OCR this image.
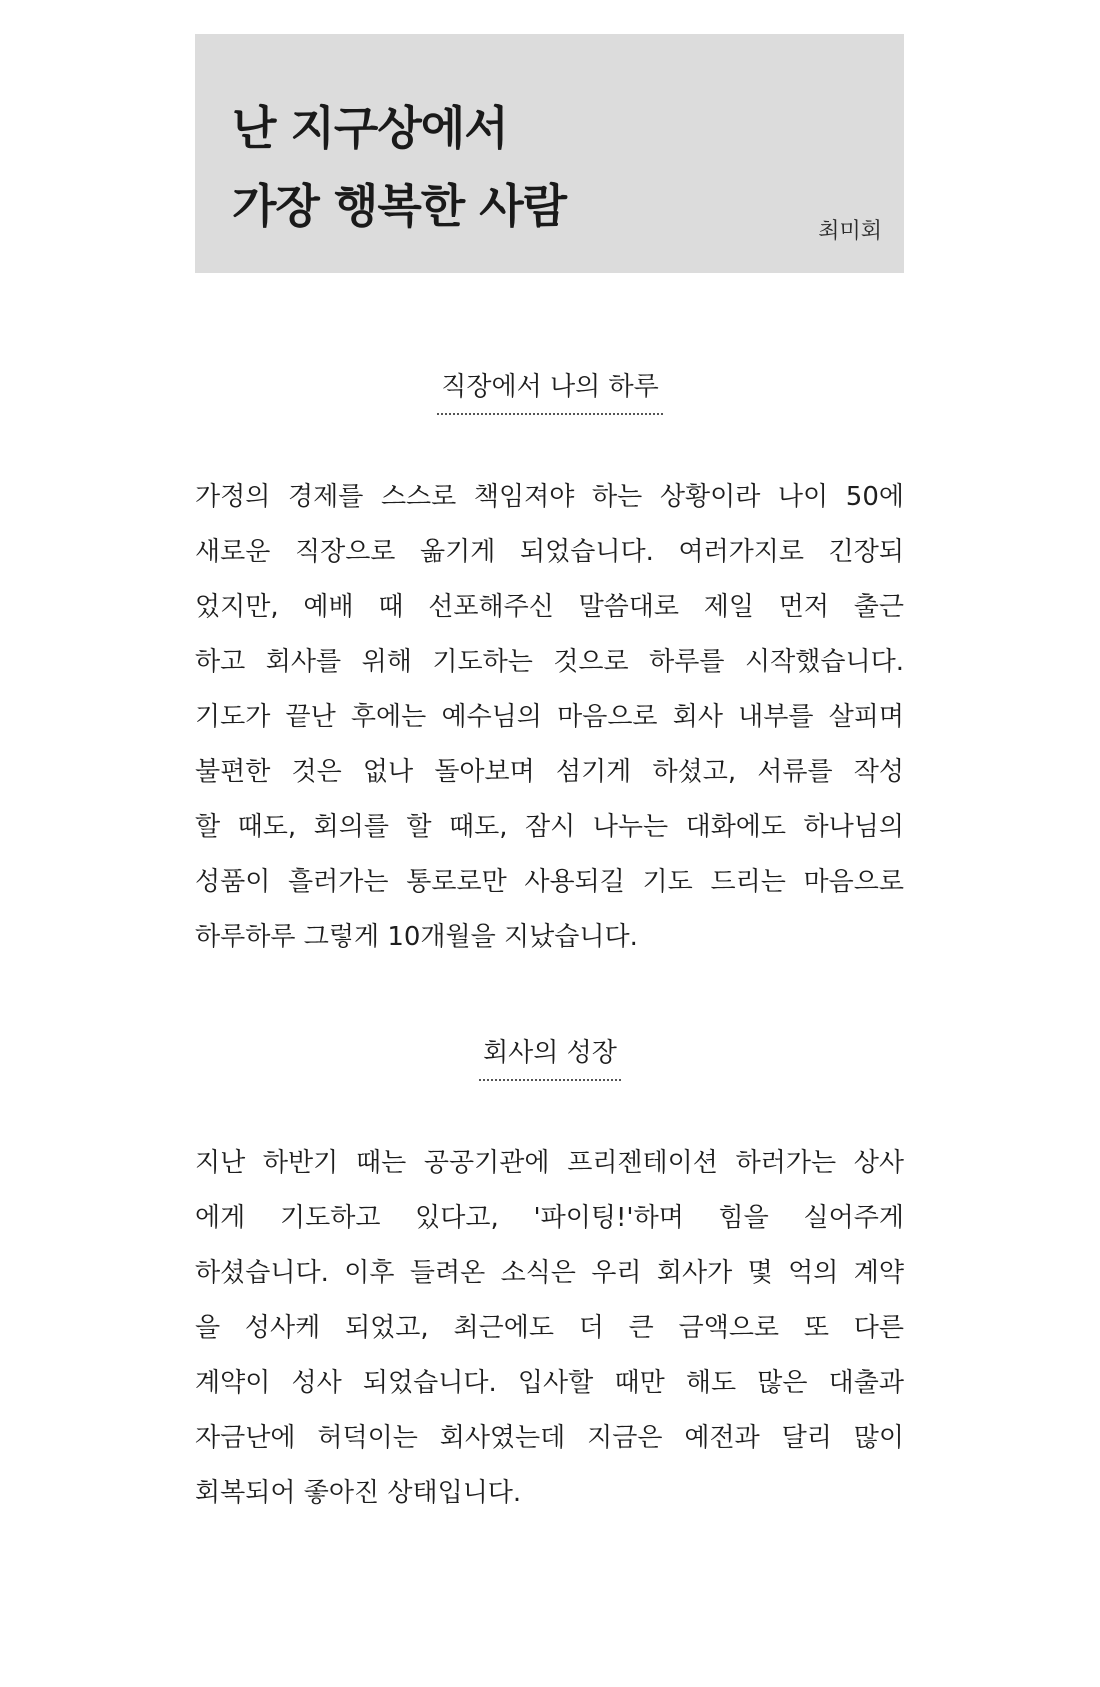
난 지구상에서
가장 행복한 사람	최미회
직장에서 나의 하루
가정의 경제를 스스로 책임져야 하는 상황이라 나이 50에
새로운 직장으로 옮기게 되었습니다. 여러가지로 긴장되
었지만, 예배 때 선포해주신 말씀대로 제일 먼저 출근
하고 회사를 위해 기도하는 것으로 하루를 시작했습니다.
기도가 끝난 후에는 예수님의 마음으로 회사 내부를 살피며
불편한 것은 없나 돌아보며 섬기게 하셨고, 서류를 작성
할 때도, 회의를 할 때도, 잠시 나누는 대화에도 하나님의
성품이 흘러가는 통로로만 사용되길 기도 드리는 마음으로
하루하루 그렇게 10개월을 지났습니다.
회사의 성장
지난 하반기 때는 공공기관에 프리젠테이션 하러가는 상사
에게 기도하고 있다고, '파이팅!'하며 힘을 실어주게
하셨습니다. 이후 들려온 소식은 우리 회사가 몇 억의 계약
을 성사케 되었고, 최근에도 더 큰 금액으로 또 다른
계약이 성사 되었습니다. 입사할 때만 해도 많은 대출과
자금난에 허덕이는 회사였는데 지금은 예전과 달리 많이
회복되어 좋아진 상태입니다.
